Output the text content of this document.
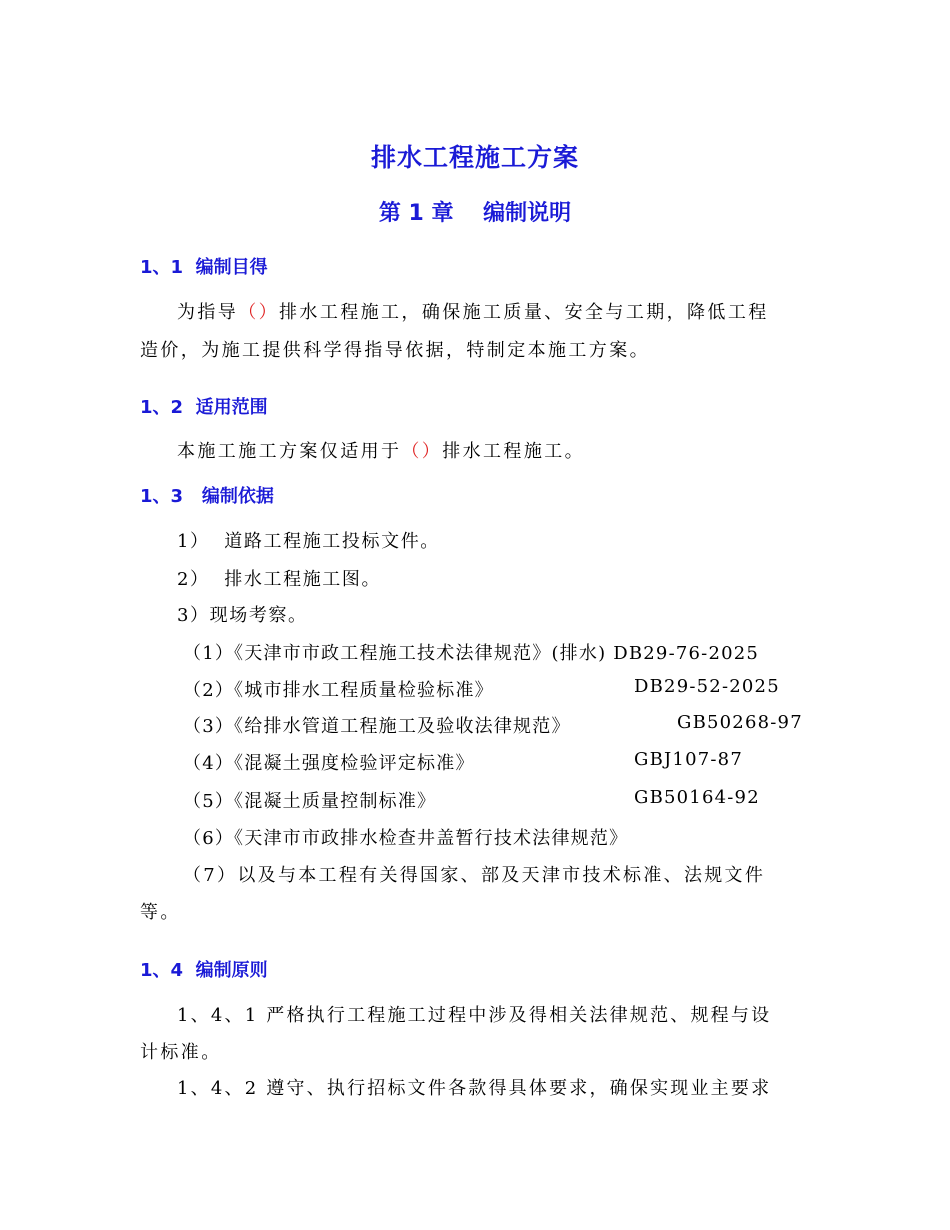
排水工程施工方案
第 1 章　 编制说明
1、1  编制目得
为指导（）排水工程施工，确保施工质量、安全与工期，降低工程
造价，为施工提供科学得指导依据，特制定本施工方案。
1、2  适用范围
本施工施工方案仅适用于（）排水工程施工。
1、3   编制依据
1）  道路工程施工投标文件。
2）  排水工程施工图。
3）现场考察。
（1）《天津市市政工程施工技术法律规范》(排水) DB29-76-2025
（2）《城市排水工程质量检验标准》	DB29-52-2025
（3）《给排水管道工程施工及验收法律规范》	GB50268-97
（4）《混凝土强度检验评定标准》	GBJ107-87
（5）《混凝土质量控制标准》	GB50164-92
（6）《天津市市政排水检查井盖暂行技术法律规范》
（7）以及与本工程有关得国家、部及天津市技术标准、法规文件
等。
1、4  编制原则
1、4、1 严格执行工程施工过程中涉及得相关法律规范、规程与设
计标准。
1、4、2 遵守、执行招标文件各款得具体要求，确保实现业主要求
